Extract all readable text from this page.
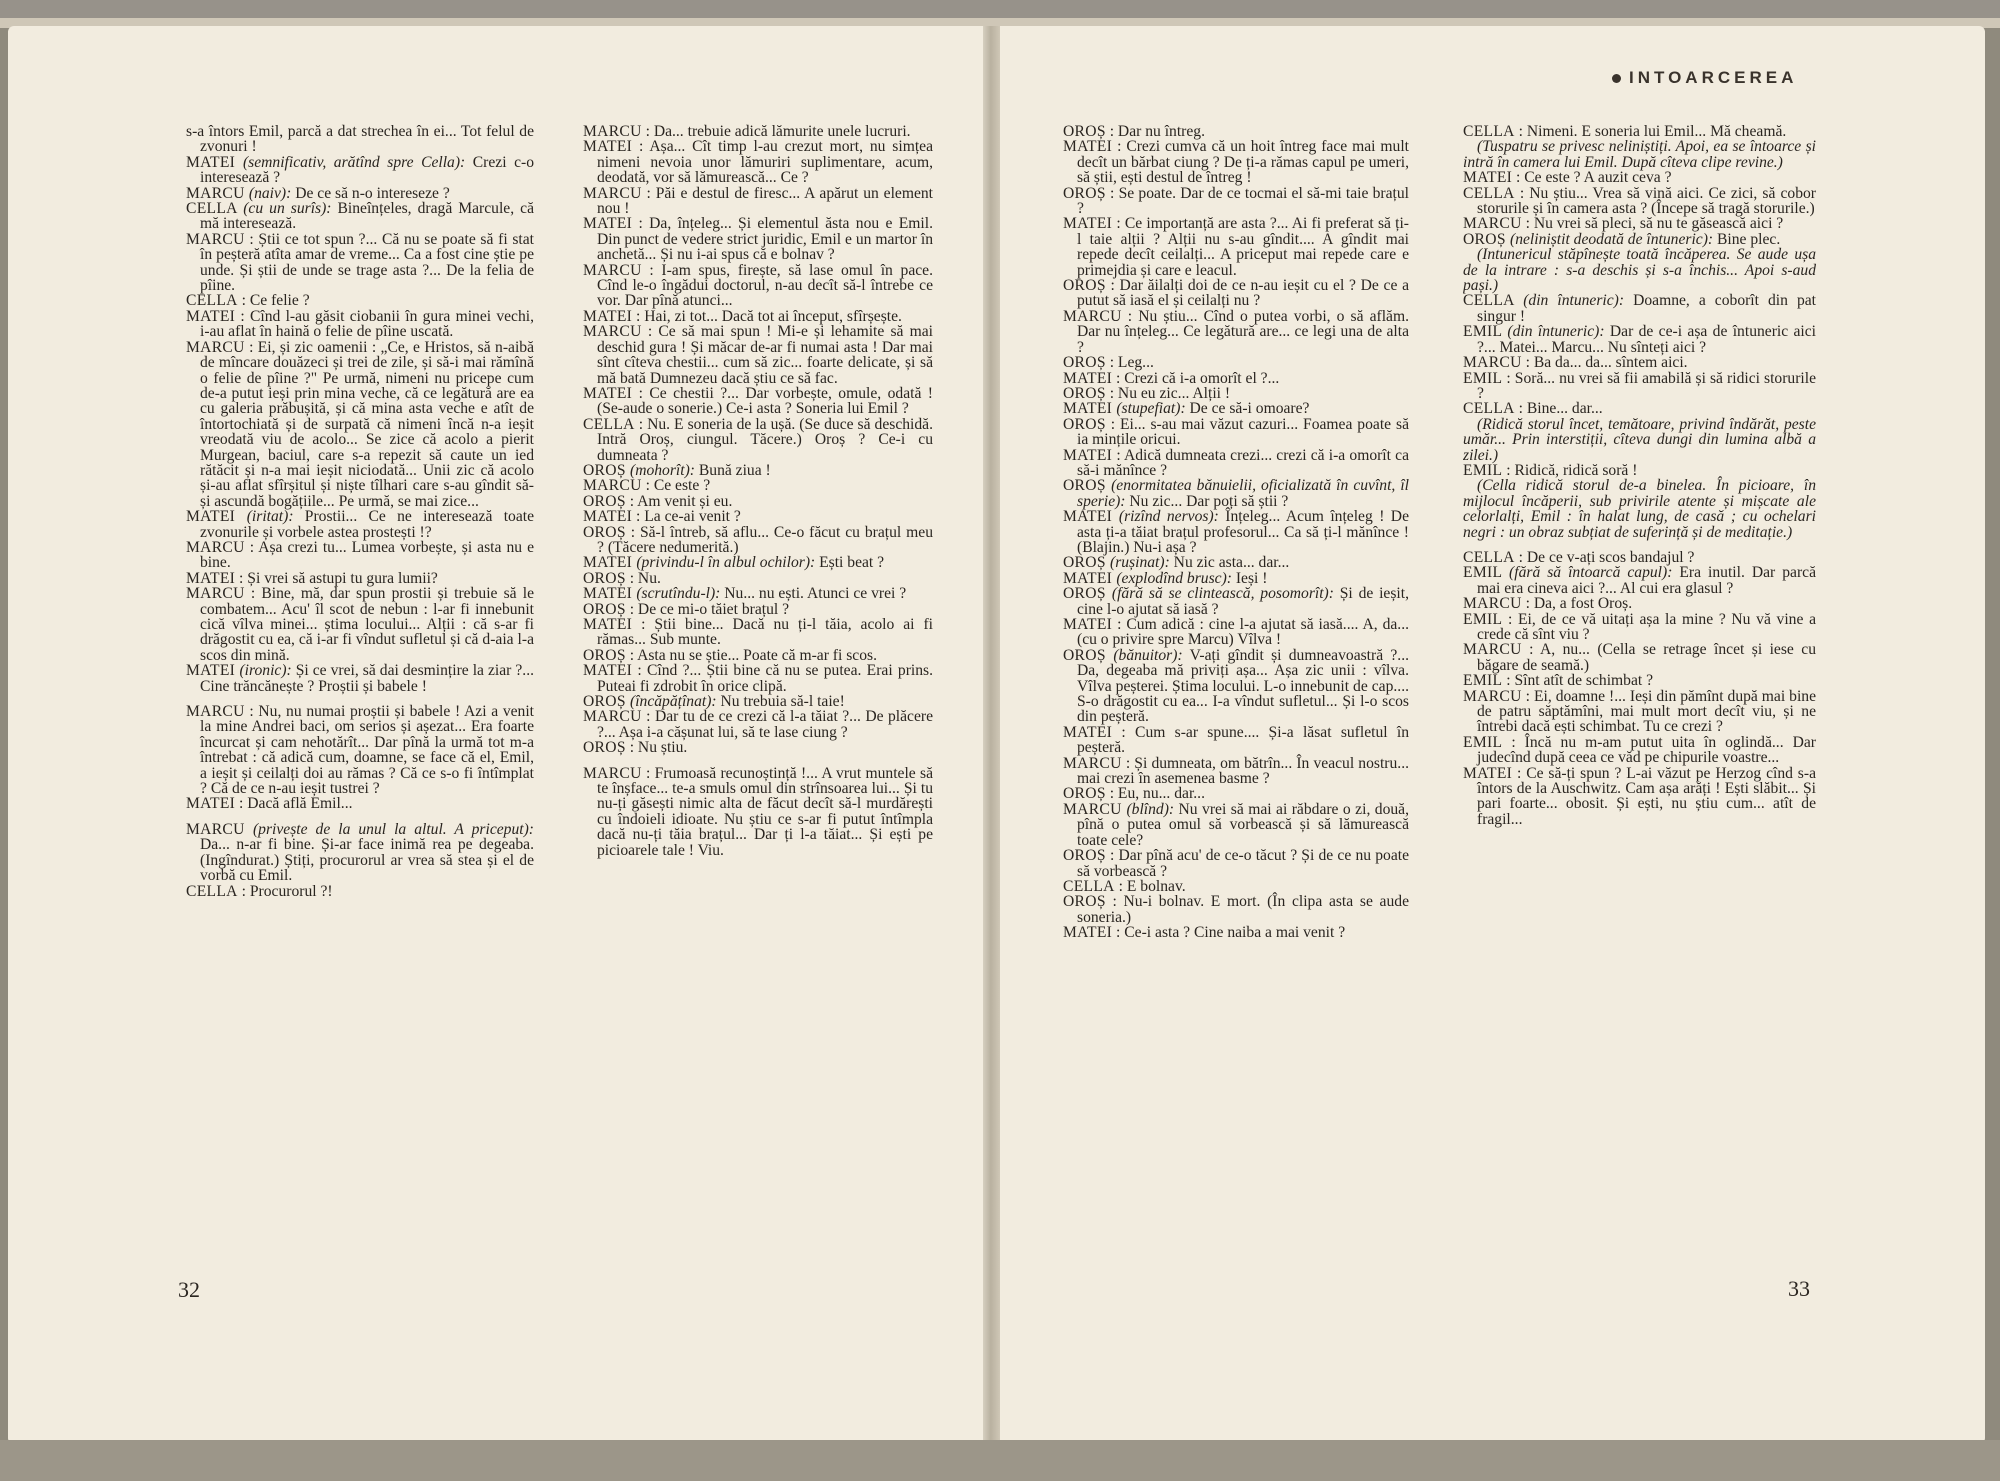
INTOARCEREA
s-a întors Emil, parcă a dat strechea în ei... Tot felul de zvonuri !
MATEI (semnificativ, arătînd spre Cella): Crezi c-o interesează ?
MARCU (naiv): De ce să n-o intereseze ?
CELLA (cu un surîs): Bineînțeles, dragă Marcule, că mă interesează.
MARCU : Știi ce tot spun ?... Că nu se poate să fi stat în peșteră atîta amar de vreme... Ca a fost cine știe pe unde. Și știi de unde se trage asta ?... De la felia de pîine.
CELLA : Ce felie ?
MATEI : Cînd l-au găsit ciobanii în gura minei vechi, i-au aflat în haină o felie de pîine uscată.
MARCU : Ei, și zic oamenii : „Ce, e Hristos, să n-aibă de mîncare douăzeci și trei de zile, și să-i mai rămînă o felie de pîine ?" Pe urmă, nimeni nu pricepe cum de-a putut ieși prin mina veche, că ce legătură are ea cu galeria prăbușită, și că mina asta veche e atît de întortochiată și de surpată că nimeni încă n-a ieșit vreodată viu de acolo... Se zice că acolo a pierit Murgean, baciul, care s-a repezit să caute un ied rătăcit și n-a mai ieșit niciodată... Unii zic că acolo și-au aflat sfîrșitul și niște tîlhari care s-au gîndit să-și ascundă bogățiile... Pe urmă, se mai zice...
MATEI (iritat): Prostii... Ce ne interesează toate zvonurile și vorbele astea prostești !?
MARCU : Așa crezi tu... Lumea vorbește, și asta nu e bine.
MATEI : Și vrei să astupi tu gura lumii?
MARCU : Bine, mă, dar spun prostii și trebuie să le combatem... Acu' îl scot de nebun : l-ar fi innebunit cică vîlva minei... știma locului... Alții : că s-ar fi drăgostit cu ea, că i-ar fi vîndut sufletul și că d-aia l-a scos din mină.
MATEI (ironic): Și ce vrei, să dai desmințire la ziar ?... Cine trăncănește ? Proștii și babele !
MARCU : Nu, nu numai proștii și babele ! Azi a venit la mine Andrei baci, om serios și așezat... Era foarte încurcat și cam nehotărît... Dar pînă la urmă tot m-a întrebat : că adică cum, doamne, se face că el, Emil, a ieșit și ceilalți doi au rămas ? Că ce s-o fi întîmplat ? Că de ce n-au ieșit tustrei ?
MATEI : Dacă află Emil...
MARCU (privește de la unul la altul. A priceput): Da... n-ar fi bine. Și-ar face inimă rea pe degeaba. (Ingîndurat.) Știți, procurorul ar vrea să stea și el de vorbă cu Emil.
CELLA : Procurorul ?!
MARCU : Da... trebuie adică lămurite unele lucruri.
MATEI : Așa... Cît timp l-au crezut mort, nu simțea nimeni nevoia unor lămuriri suplimentare, acum, deodată, vor să lămurească... Ce ?
MARCU : Păi e destul de firesc... A apărut un element nou !
MATEI : Da, înțeleg... Și elementul ăsta nou e Emil. Din punct de vedere strict juridic, Emil e un martor în anchetă... Și nu i-ai spus că e bolnav ?
MARCU : I-am spus, firește, să lase omul în pace. Cînd le-o îngădui doctorul, n-au decît să-l întrebe ce vor. Dar pînă atunci...
MATEI : Hai, zi tot... Dacă tot ai început, sfîrșește.
MARCU : Ce să mai spun ! Mi-e și lehamite să mai deschid gura ! Și măcar de-ar fi numai asta ! Dar mai sînt cîteva chestii... cum să zic... foarte delicate, și să mă bată Dumnezeu dacă știu ce să fac.
MATEI : Ce chestii ?... Dar vorbește, omule, odată ! (Se-aude o sonerie.) Ce-i asta ? Soneria lui Emil ?
CELLA : Nu. E soneria de la ușă. (Se duce să deschidă. Intră Oroș, ciungul. Tăcere.) Oroș ? Ce-i cu dumneata ?
OROȘ (mohorît): Bună ziua !
MARCU : Ce este ?
OROȘ : Am venit și eu.
MATEI : La ce-ai venit ?
OROȘ : Să-l întreb, să aflu... Ce-o făcut cu brațul meu ? (Tăcere nedumerită.)
MATEI (privindu-l în albul ochilor): Ești beat ?
OROȘ : Nu.
MATEI (scrutîndu-l): Nu... nu ești. Atunci ce vrei ?
OROȘ : De ce mi-o tăiet brațul ?
MATEI : Știi bine... Dacă nu ți-l tăia, acolo ai fi rămas... Sub munte.
OROȘ : Asta nu se știe... Poate că m-ar fi scos.
MATEI : Cînd ?... Știi bine că nu se putea. Erai prins. Puteai fi zdrobit în orice clipă.
OROȘ (încăpățînat): Nu trebuia să-l taie!
MARCU : Dar tu de ce crezi că l-a tăiat ?... De plăcere ?... Așa i-a cășunat lui, să te lase ciung ?
OROȘ : Nu știu.
MARCU : Frumoasă recunoștință !... A vrut muntele să te înșface... te-a smuls omul din strînsoarea lui... Și tu nu-ți găsești nimic alta de făcut decît să-l murdărești cu îndoieli idioate. Nu știu ce s-ar fi putut întîmpla dacă nu-ți tăia brațul... Dar ți l-a tăiat... Și ești pe picioarele tale ! Viu.
OROȘ : Dar nu întreg.
MATEI : Crezi cumva că un hoit întreg face mai mult decît un bărbat ciung ? De ți-a rămas capul pe umeri, să știi, ești destul de întreg !
OROȘ : Se poate. Dar de ce tocmai el să-mi taie brațul ?
MATEI : Ce importanță are asta ?... Ai fi preferat să ți-l taie alții ? Alții nu s-au gîndit.... A gîndit mai repede decît ceilalți... A priceput mai repede care e primejdia și care e leacul.
OROȘ : Dar ăilalți doi de ce n-au ieșit cu el ? De ce a putut să iasă el și ceilalți nu ?
MARCU : Nu știu... Cînd o putea vorbi, o să aflăm. Dar nu înțeleg... Ce legătură are... ce legi una de alta ?
OROȘ : Leg...
MATEI : Crezi că i-a omorît el ?...
OROȘ : Nu eu zic... Alții !
MATEI (stupefiat): De ce să-i omoare?
OROȘ : Ei... s-au mai văzut cazuri... Foamea poate să ia mințile oricui.
MATEI : Adică dumneata crezi... crezi că i-a omorît ca să-i mănînce ?
OROȘ (enormitatea bănuielii, oficializată în cuvînt, îl sperie): Nu zic... Dar poți să știi ?
MATEI (rizînd nervos): Înțeleg... Acum înțeleg ! De asta ți-a tăiat brațul profesorul... Ca să ți-l mănînce ! (Blajin.) Nu-i așa ?
OROȘ (rușinat): Nu zic asta... dar...
MATEI (explodînd brusc): Ieși !
OROȘ (fără să se clintească, posomorît): Și de ieșit, cine l-o ajutat să iasă ?
MATEI : Cum adică : cine l-a ajutat să iasă.... A, da... (cu o privire spre Marcu) Vîlva !
OROȘ (bănuitor): V-ați gîndit și dumneavoastră ?... Da, degeaba mă priviți așa... Așa zic unii : vîlva. Vîlva peșterei. Știma locului. L-o innebunit de cap.... S-o drăgostit cu ea... I-a vîndut sufletul... Și l-o scos din peșteră.
MATEI : Cum s-ar spune.... Și-a lăsat sufletul în peșteră.
MARCU : Și dumneata, om bătrîn... În veacul nostru... mai crezi în asemenea basme ?
OROȘ : Eu, nu... dar...
MARCU (blînd): Nu vrei să mai ai răbdare o zi, două, pînă o putea omul să vorbească și să lămurească toate cele?
OROȘ : Dar pînă acu' de ce-o tăcut ? Și de ce nu poate să vorbească ?
CELLA : E bolnav.
OROȘ : Nu-i bolnav. E mort. (În clipa asta se aude soneria.)
MATEI : Ce-i asta ? Cine naiba a mai venit ?
CELLA : Nimeni. E soneria lui Emil... Mă cheamă.
(Tuspatru se privesc neliniștiți. Apoi, ea se întoarce și intră în camera lui Emil. După cîteva clipe revine.)
MATEI : Ce este ? A auzit ceva ?
CELLA : Nu știu... Vrea să vină aici. Ce zici, să cobor storurile și în camera asta ? (Începe să tragă storurile.)
MARCU : Nu vrei să pleci, să nu te găsească aici ?
OROȘ (neliniștit deodată de întuneric): Bine plec.
(Intunericul stăpînește toată încăperea. Se aude ușa de la intrare : s-a deschis și s-a închis... Apoi s-aud pași.)
CELLA (din întuneric): Doamne, a coborît din pat singur !
EMIL (din întuneric): Dar de ce-i așa de întuneric aici ?... Matei... Marcu... Nu sînteți aici ?
MARCU : Ba da... da... sîntem aici.
EMIL : Soră... nu vrei să fii amabilă și să ridici storurile ?
CELLA : Bine... dar...
(Ridică storul încet, temătoare, privind îndărăt, peste umăr... Prin interstiții, cîteva dungi din lumina albă a zilei.)
EMIL : Ridică, ridică soră !
(Cella ridică storul de-a binelea. În picioare, în mijlocul încăperii, sub privirile atente și mișcate ale celorlalți, Emil : în halat lung, de casă ; cu ochelari negri : un obraz subțiat de suferință și de meditație.)
CELLA : De ce v-ați scos bandajul ?
EMIL (fără să întoarcă capul): Era inutil. Dar parcă mai era cineva aici ?... Al cui era glasul ?
MARCU : Da, a fost Oroș.
EMIL : Ei, de ce vă uitați așa la mine ? Nu vă vine a crede că sînt viu ?
MARCU : A, nu... (Cella se retrage încet și iese cu băgare de seamă.)
EMIL : Sînt atît de schimbat ?
MARCU : Ei, doamne !... Ieși din pămînt după mai bine de patru săptămîni, mai mult mort decît viu, și ne întrebi dacă ești schimbat. Tu ce crezi ?
EMIL : Încă nu m-am putut uita în oglindă... Dar judecînd după ceea ce văd pe chipurile voastre...
MATEI : Ce să-ți spun ? L-ai văzut pe Herzog cînd s-a întors de la Auschwitz. Cam așa arăți ! Ești slăbit... Și pari foarte... obosit. Și ești, nu știu cum... atît de fragil...
32	33
